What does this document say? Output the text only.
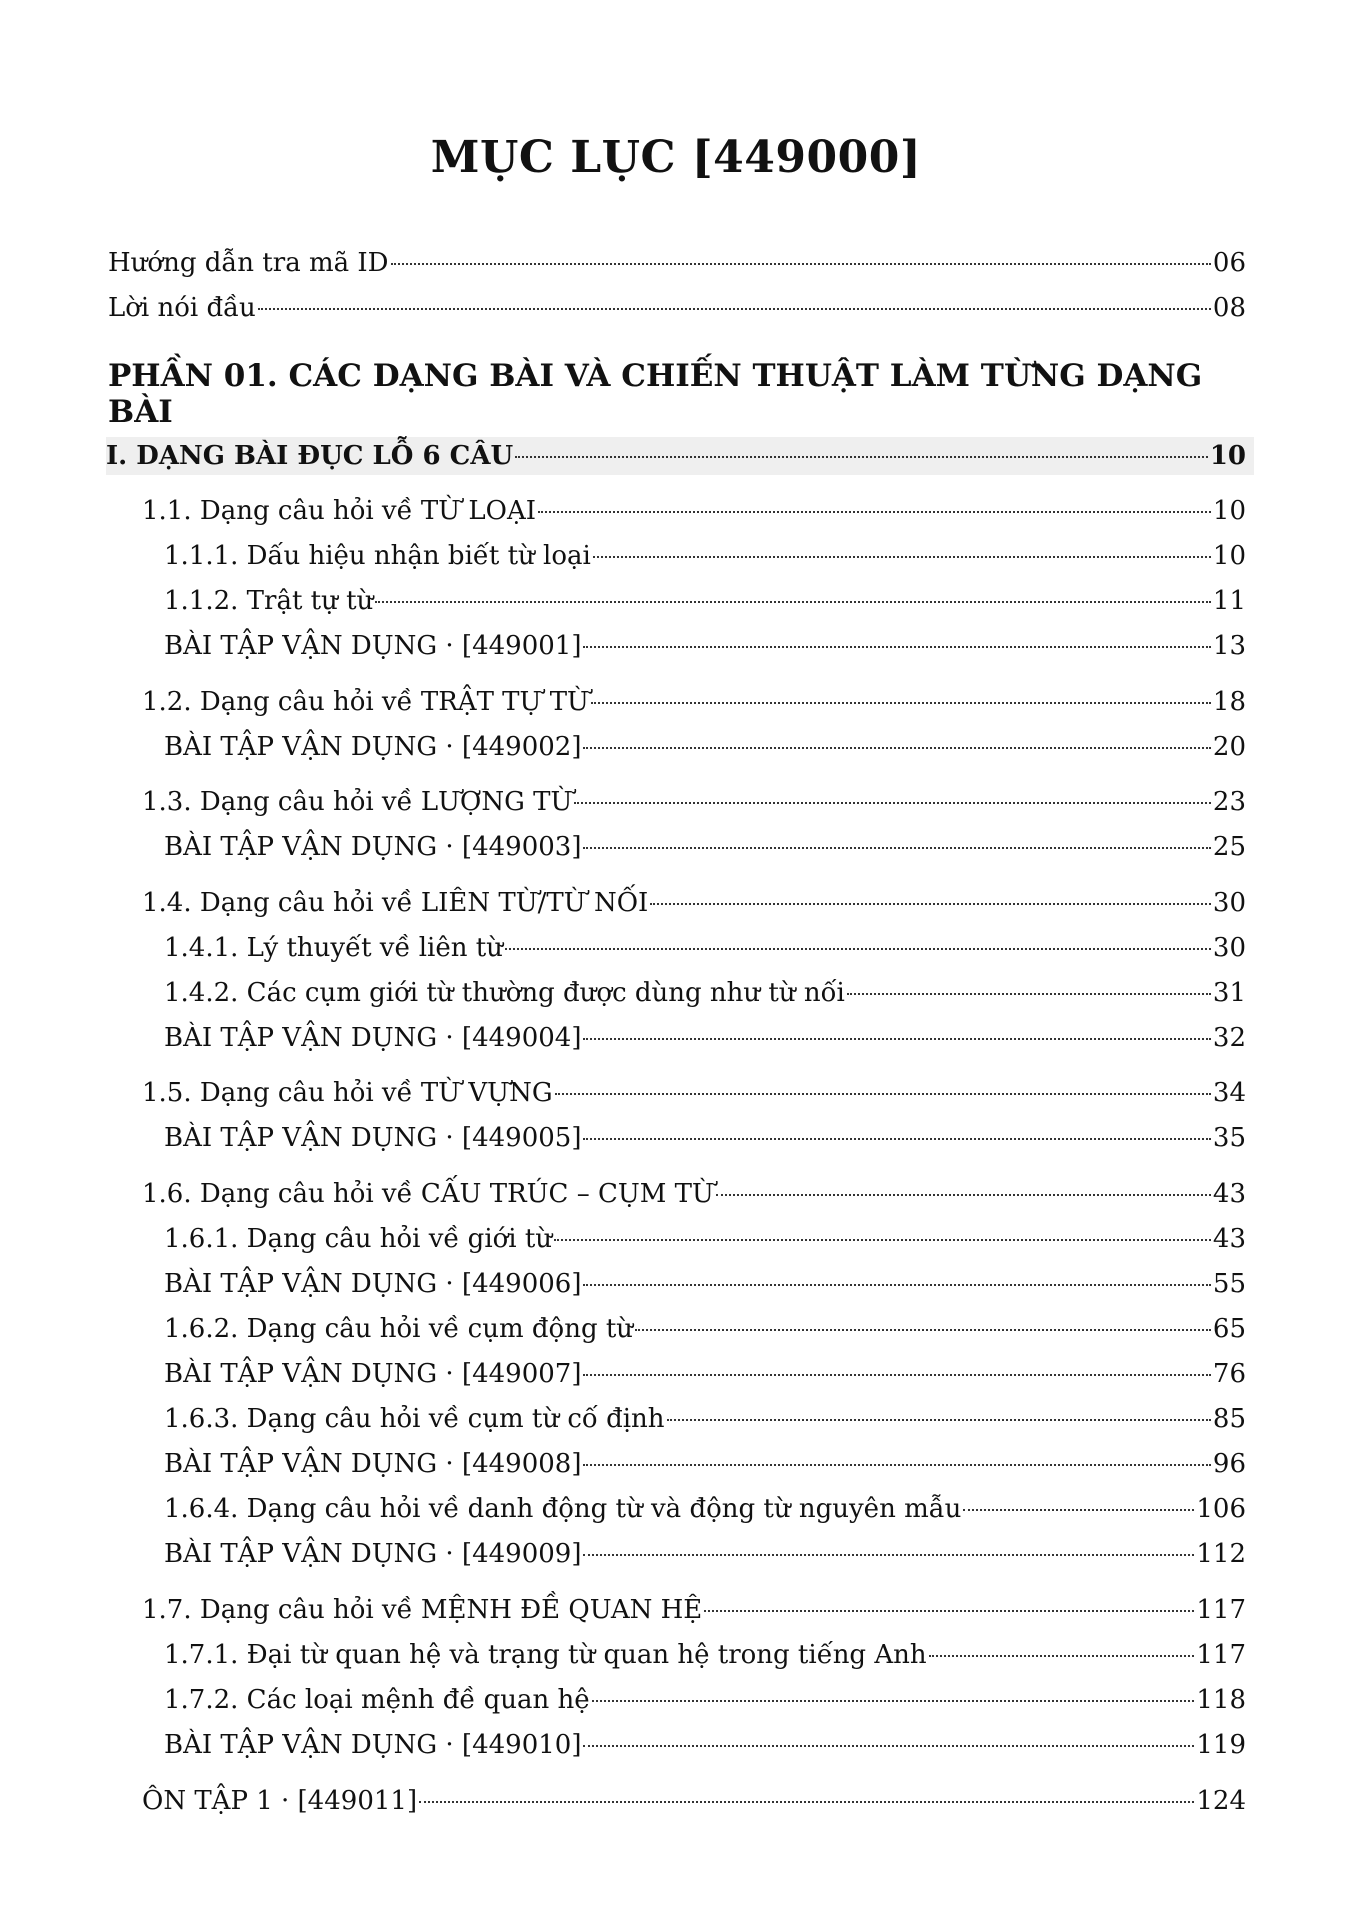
MỤC LỤC [449000]
Hướng dẫn tra mã ID	06
Lời nói đầu	08
PHẦN 01. CÁC DẠNG BÀI VÀ CHIẾN THUẬT LÀM TỪNG DẠNG BÀI
I. DẠNG BÀI ĐỤC LỖ 6 CÂU	10
1.1. Dạng câu hỏi về TỪ LOẠI	10
1.1.1. Dấu hiệu nhận biết từ loại	10
1.1.2. Trật tự từ	11
BÀI TẬP VẬN DỤNG · [449001]	13
1.2. Dạng câu hỏi về TRẬT TỰ TỪ	18
BÀI TẬP VẬN DỤNG · [449002]	20
1.3. Dạng câu hỏi về LƯỢNG TỪ	23
BÀI TẬP VẬN DỤNG · [449003]	25
1.4. Dạng câu hỏi về LIÊN TỪ/TỪ NỐI	30
1.4.1. Lý thuyết về liên từ	30
1.4.2. Các cụm giới từ thường được dùng như từ nối	31
BÀI TẬP VẬN DỤNG · [449004]	32
1.5. Dạng câu hỏi về TỪ VỰNG	34
BÀI TẬP VẬN DỤNG · [449005]	35
1.6. Dạng câu hỏi về CẤU TRÚC – CỤM TỪ	43
1.6.1. Dạng câu hỏi về giới từ	43
BÀI TẬP VẬN DỤNG · [449006]	55
1.6.2. Dạng câu hỏi về cụm động từ	65
BÀI TẬP VẬN DỤNG · [449007]	76
1.6.3. Dạng câu hỏi về cụm từ cố định	85
BÀI TẬP VẬN DỤNG · [449008]	96
1.6.4. Dạng câu hỏi về danh động từ và động từ nguyên mẫu	106
BÀI TẬP VẬN DỤNG · [449009]	112
1.7. Dạng câu hỏi về MỆNH ĐỀ QUAN HỆ	117
1.7.1. Đại từ quan hệ và trạng từ quan hệ trong tiếng Anh	117
1.7.2. Các loại mệnh đề quan hệ	118
BÀI TẬP VẬN DỤNG · [449010]	119
ÔN TẬP 1 · [449011]	124
